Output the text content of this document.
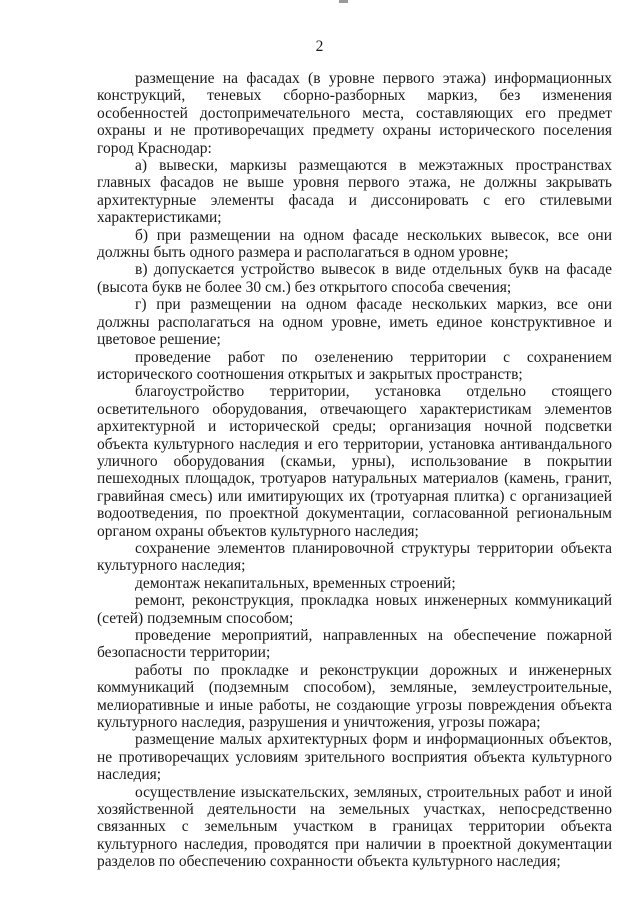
2

размещение на фасадах (в уровне первого этажа) информационных конструкций, теневых сборно-разборных маркиз, без изменения особенностей достопримечательного места, составляющих его предмет охраны и не противоречащих предмету охраны исторического поселения город Краснодар:

а) вывески, маркизы размещаются в межэтажных пространствах главных фасадов не выше уровня первого этажа, не должны закрывать архитектурные элементы фасада и диссонировать с его стилевыми характеристиками;

б) при размещении на одном фасаде нескольких вывесок, все они должны быть одного размера и располагаться в одном уровне;

в) допускается устройство вывесок в виде отдельных букв на фасаде (высота букв не более 30 см.) без открытого способа свечения;

г) при размещении на одном фасаде нескольких маркиз, все они должны располагаться на одном уровне, иметь единое конструктивное и цветовое решение;

проведение работ по озеленению территории с сохранением исторического соотношения открытых и закрытых пространств;

благоустройство территории, установка отдельно стоящего осветительного оборудования, отвечающего характеристикам элементов архитектурной и исторической среды; организация ночной подсветки объекта культурного наследия и его территории, установка антивандального уличного оборудования (скамьи, урны), использование в покрытии пешеходных площадок, тротуаров натуральных материалов (камень, гранит, гравийная смесь) или имитирующих их (тротуарная плитка) с организацией водоотведения, по проектной документации, согласованной региональным органом охраны объектов культурного наследия;

сохранение элементов планировочной структуры территории объекта культурного наследия;

демонтаж некапитальных, временных строений;

ремонт, реконструкция, прокладка новых инженерных коммуникаций (сетей) подземным способом;

проведение мероприятий, направленных на обеспечение пожарной безопасности территории;

работы по прокладке и реконструкции дорожных и инженерных коммуникаций (подземным способом), земляные, землеустроительные, мелиоративные и иные работы, не создающие угрозы повреждения объекта культурного наследия, разрушения и уничтожения, угрозы пожара;

размещение малых архитектурных форм и информационных объектов, не противоречащих условиям зрительного восприятия объекта культурного наследия;

осуществление изыскательских, земляных, строительных работ и иной хозяйственной деятельности на земельных участках, непосредственно связанных с земельным участком в границах территории объекта культурного наследия, проводятся при наличии в проектной документации разделов по обеспечению сохранности объекта культурного наследия;
